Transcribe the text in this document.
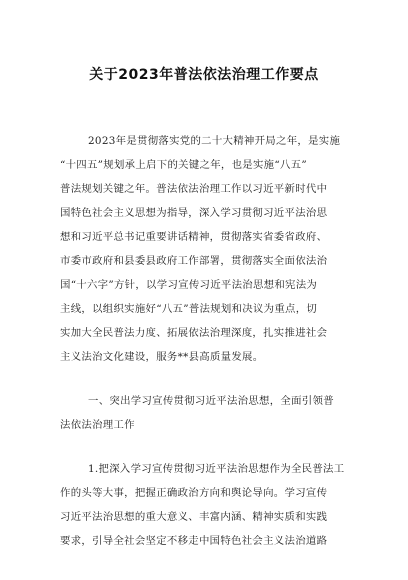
关于2023年普法依法治理工作要点
2023年是贯彻落实党的二十大精神开局之年，是实施
“十四五”规划承上启下的关键之年，也是实施“八五”
普法规划关键之年。普法依法治理工作以习近平新时代中
国特色社会主义思想为指导，深入学习贯彻习近平法治思
想和习近平总书记重要讲话精神，贯彻落实省委省政府、
市委市政府和县委县政府工作部署，贯彻落实全面依法治
国“十六字”方针，以学习宣传习近平法治思想和宪法为
主线，以组织实施好“八五”普法规划和决议为重点，切
实加大全民普法力度、拓展依法治理深度，扎实推进社会
主义法治文化建设，服务**县高质量发展。
一、突出学习宣传贯彻习近平法治思想，全面引领普
法依法治理工作
1.把深入学习宣传贯彻习近平法治思想作为全民普法工
作的头等大事，把握正确政治方向和舆论导向。学习宣传
习近平法治思想的重大意义、丰富内涵、精神实质和实践
要求，引导全社会坚定不移走中国特色社会主义法治道路
